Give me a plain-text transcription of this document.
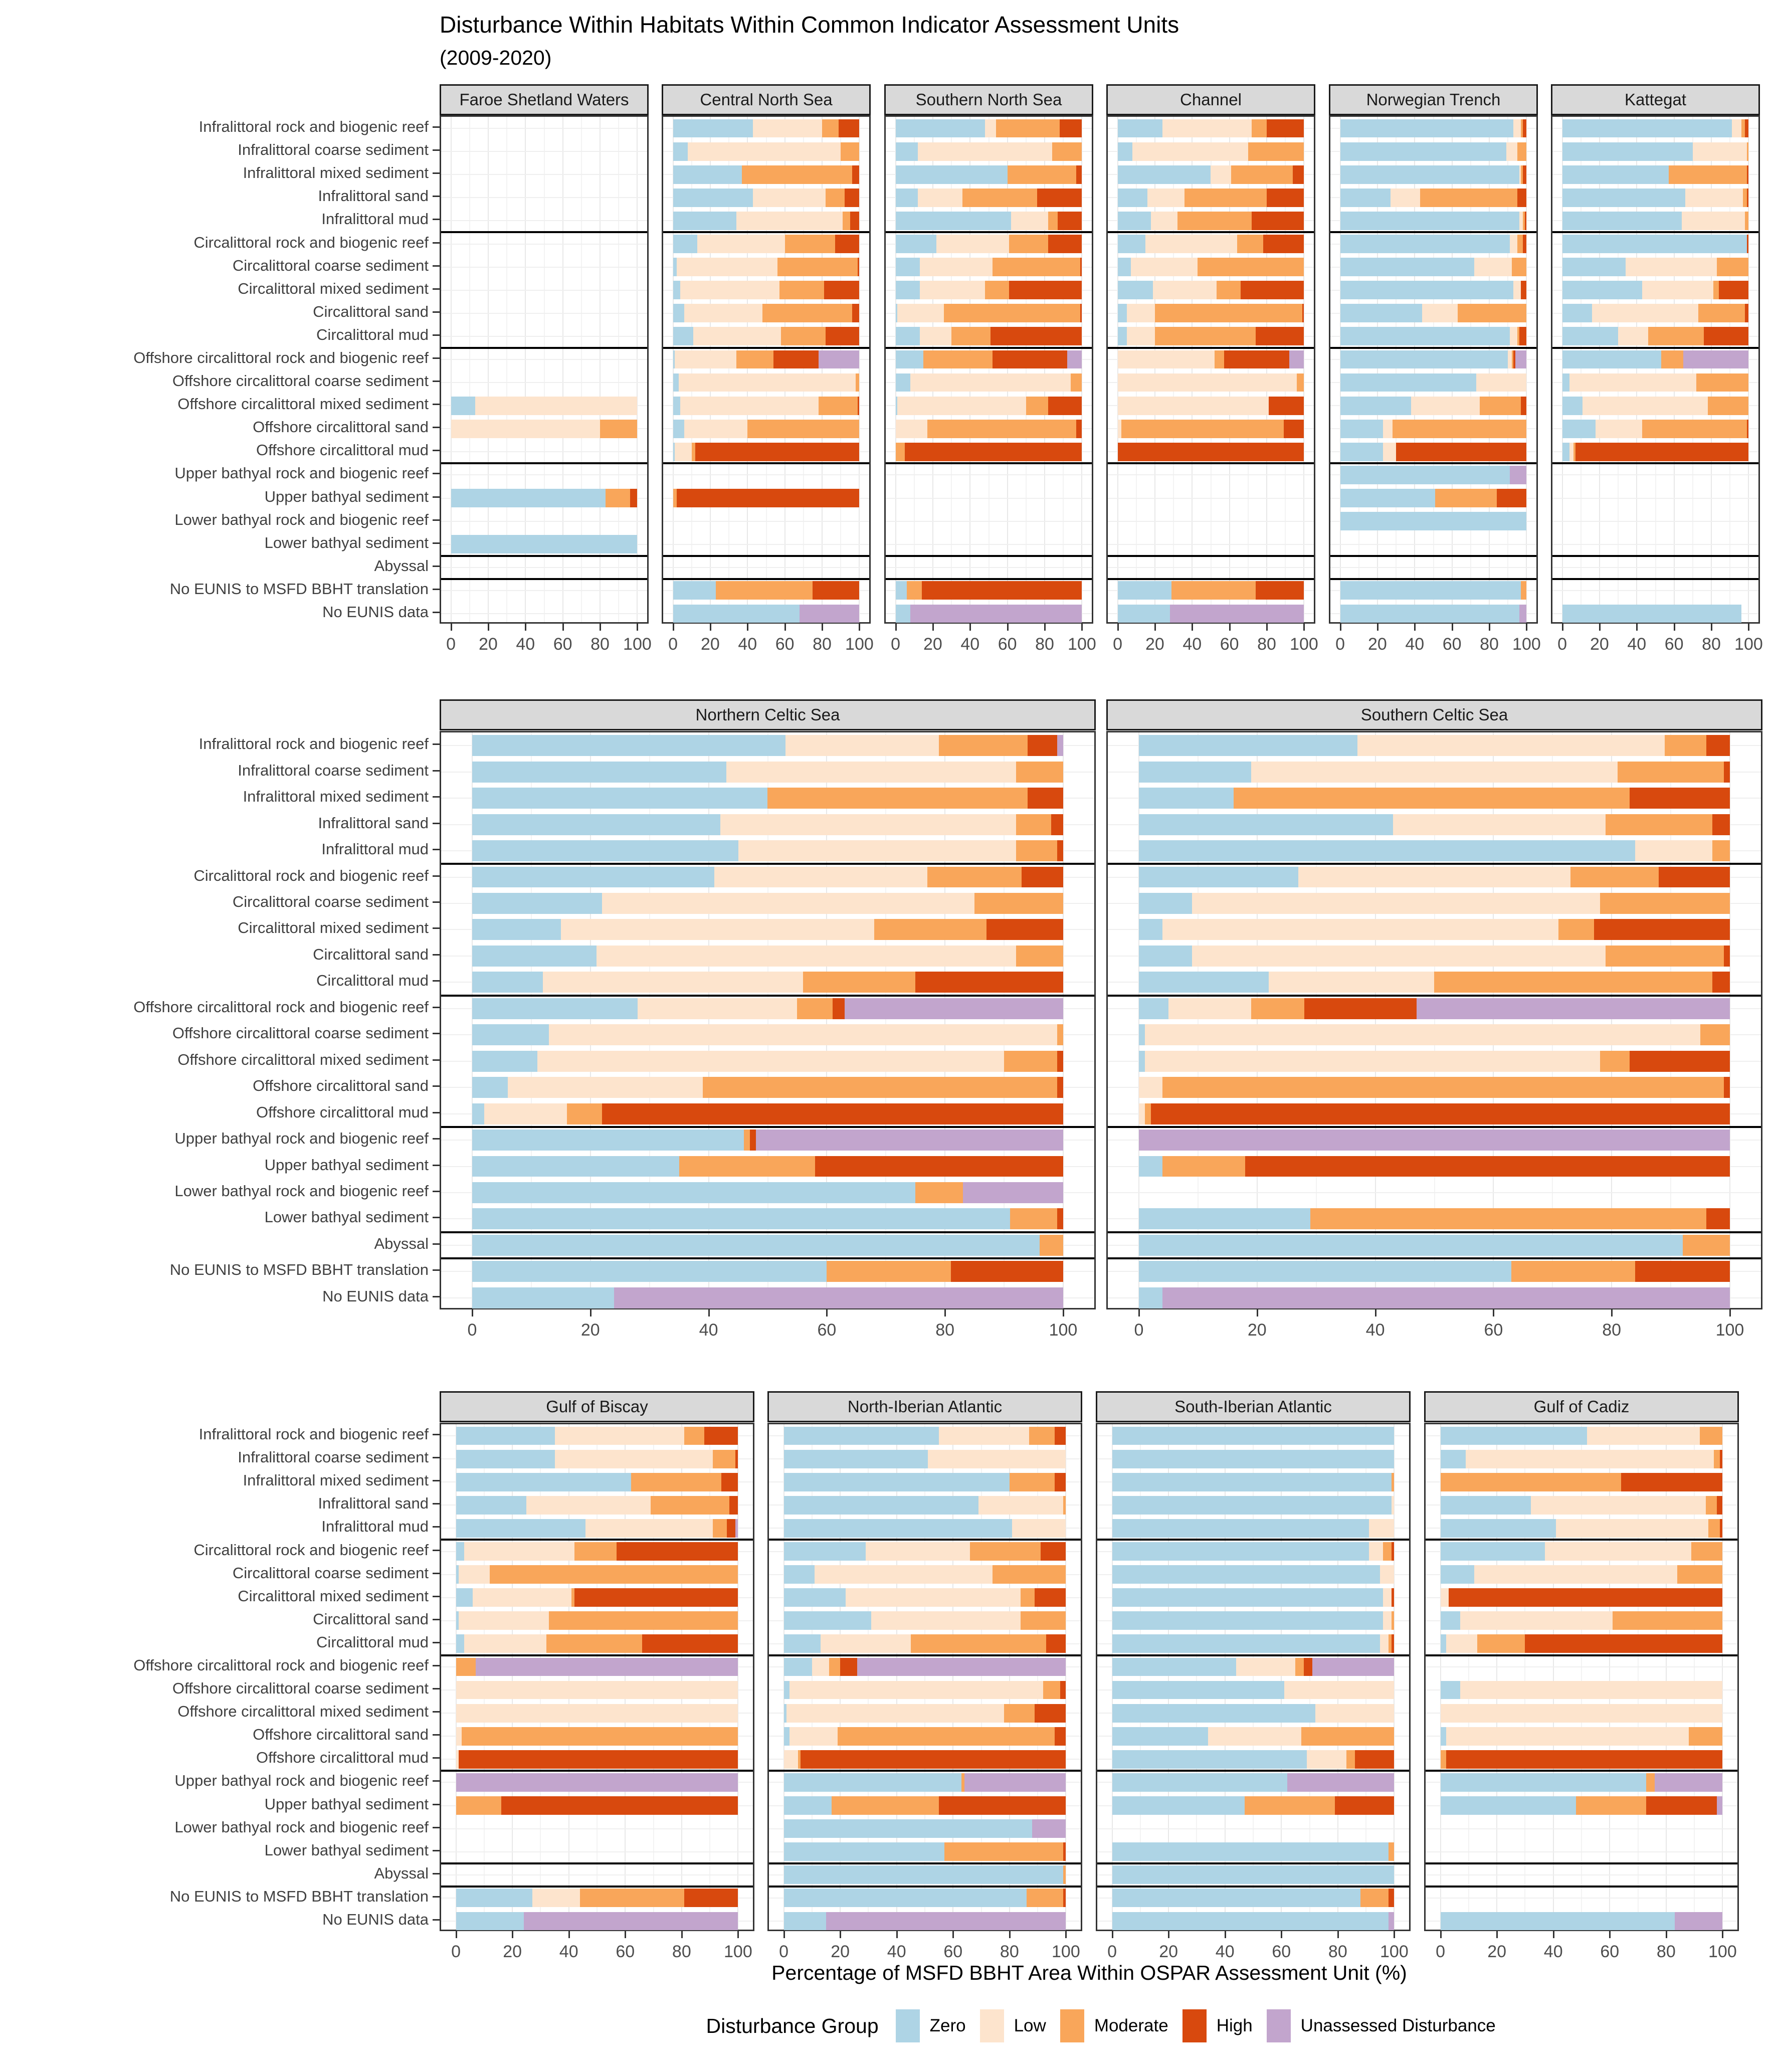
Disturbance Within Habitats Within Common Indicator Assessment Units
(2009-2020)
Infralittoral rock and biogenic reef
Infralittoral coarse sediment
Infralittoral mixed sediment
Infralittoral sand
Infralittoral mud
Circalittoral rock and biogenic reef
Circalittoral coarse sediment
Circalittoral mixed sediment
Circalittoral sand
Circalittoral mud
Offshore circalittoral rock and biogenic reef
Offshore circalittoral coarse sediment
Offshore circalittoral mixed sediment
Offshore circalittoral sand
Offshore circalittoral mud
Upper bathyal rock and biogenic reef
Upper bathyal sediment
Lower bathyal rock and biogenic reef
Lower bathyal sediment
Abyssal
No EUNIS to MSFD BBHT translation
No EUNIS data
Faroe Shetland Waters
0 20 40 60 80 100
Central North Sea
0 20 40 60 80 100
Southern North Sea
0 20 40 60 80 100
Channel
0 20 40 60 80 100
Norwegian Trench
0 20 40 60 80 100
Kattegat
0 20 40 60 80 100
Infralittoral rock and biogenic reef
Infralittoral coarse sediment
Infralittoral mixed sediment
Infralittoral sand
Infralittoral mud
Circalittoral rock and biogenic reef
Circalittoral coarse sediment
Circalittoral mixed sediment
Circalittoral sand
Circalittoral mud
Offshore circalittoral rock and biogenic reef
Offshore circalittoral coarse sediment
Offshore circalittoral mixed sediment
Offshore circalittoral sand
Offshore circalittoral mud
Upper bathyal rock and biogenic reef
Upper bathyal sediment
Lower bathyal rock and biogenic reef
Lower bathyal sediment
Abyssal
No EUNIS to MSFD BBHT translation
No EUNIS data
Northern Celtic Sea
0	20	40	60	80	100
Southern Celtic Sea
0	20	40	60	80	100
Infralittoral rock and biogenic reef
Infralittoral coarse sediment
Infralittoral mixed sediment
Infralittoral sand
Infralittoral mud
Circalittoral rock and biogenic reef
Circalittoral coarse sediment
Circalittoral mixed sediment
Circalittoral sand
Circalittoral mud
Offshore circalittoral rock and biogenic reef
Offshore circalittoral coarse sediment
Offshore circalittoral mixed sediment
Offshore circalittoral sand
Offshore circalittoral mud
Upper bathyal rock and biogenic reef
Upper bathyal sediment
Lower bathyal rock and biogenic reef
Lower bathyal sediment
Abyssal
No EUNIS to MSFD BBHT translation
No EUNIS data
Gulf of Biscay
0 20 40 60 80 100
North-Iberian Atlantic
0 20 40 60 80 100
South-Iberian Atlantic
0 20 40 60 80 100
Gulf of Cadiz
0 20 40 60 80 100
Percentage of MSFD BBHT Area Within OSPAR Assessment Unit (%)
Disturbance Group	Zero	Low	Moderate	High	Unassessed Disturbance
